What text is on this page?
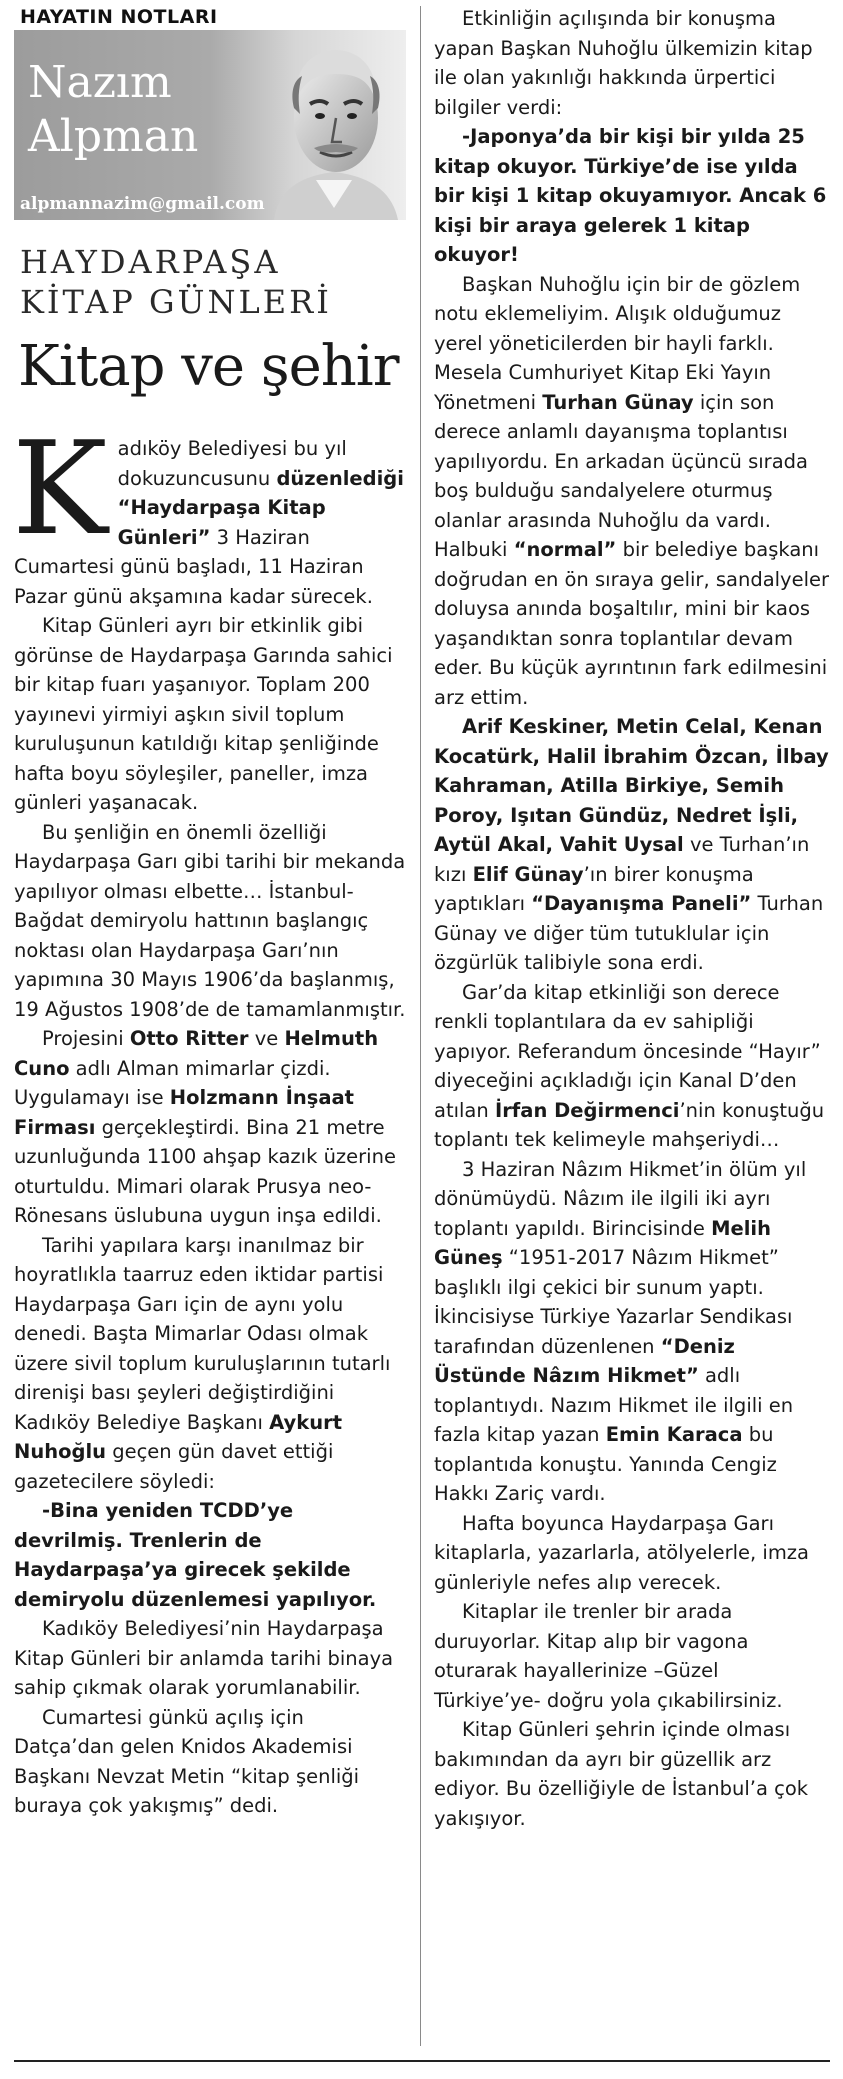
HAYATIN NOTLARI
Nazım
Alpman
alpmannazim@gmail.com
HAYDARPAŞA
KİTAP GÜNLERİ
Kitap ve şehir

Kadıköy Belediyesi bu yıl dokuzuncusunu düzenlediği “Haydarpaşa Kitap Günleri” 3 Haziran Cumartesi günü başladı, 11 Haziran Pazar günü akşamına kadar sürecek.

Kitap Günleri ayrı bir etkinlik gibi görünse de Haydarpaşa Garında sahici bir kitap fuarı yaşanıyor. Toplam 200 yayınevi yirmiyi aşkın sivil toplum kuruluşunun katıldığı kitap şenliğinde hafta boyu söyleşiler, paneller, imza günleri yaşanacak.

Bu şenliğin en önemli özelliği Haydarpaşa Garı gibi tarihi bir mekanda yapılıyor olması elbette… İstanbul-Bağdat demiryolu hattının başlangıç noktası olan Haydarpaşa Garı’nın yapımına 30 Mayıs 1906’da başlanmış, 19 Ağustos 1908’de de tamamlanmıştır.

Projesini Otto Ritter ve Helmuth Cuno adlı Alman mimarlar çizdi. Uygulamayı ise Holzmann İnşaat Firması gerçekleştirdi. Bina 21 metre uzunluğunda 1100 ahşap kazık üzerine oturtuldu. Mimari olarak Prusya neo-Rönesans üslubuna uygun inşa edildi.

Tarihi yapılara karşı inanılmaz bir hoyratlıkla taarruz eden iktidar partisi Haydarpaşa Garı için de aynı yolu denedi. Başta Mimarlar Odası olmak üzere sivil toplum kuruluşlarının tutarlı direnişi bası şeyleri değiştirdiğini Kadıköy Belediye Başkanı Aykurt Nuhoğlu geçen gün davet ettiği gazetecilere söyledi:

-Bina yeniden TCDD’ye devrilmiş. Trenlerin de Haydarpaşa’ya girecek şekilde demiryolu düzenlemesi yapılıyor.

Kadıköy Belediyesi’nin Haydarpaşa Kitap Günleri bir anlamda tarihi binaya sahip çıkmak olarak yorumlanabilir.

Cumartesi günkü açılış için Datça’dan gelen Knidos Akademisi Başkanı Nevzat Metin “kitap şenliği buraya çok yakışmış” dedi.

Etkinliğin açılışında bir konuşma yapan Başkan Nuhoğlu ülkemizin kitap ile olan yakınlığı hakkında ürpertici bilgiler verdi:

-Japonya’da bir kişi bir yılda 25 kitap okuyor. Türkiye’de ise yılda bir kişi 1 kitap okuyamıyor. Ancak 6 kişi bir araya gelerek 1 kitap okuyor!

Başkan Nuhoğlu için bir de gözlem notu eklemeliyim. Alışık olduğumuz yerel yöneticilerden bir hayli farklı. Mesela Cumhuriyet Kitap Eki Yayın Yönetmeni Turhan Günay için son derece anlamlı dayanışma toplantısı yapılıyordu. En arkadan üçüncü sırada boş bulduğu sandalyelere oturmuş olanlar arasında Nuhoğlu da vardı. Halbuki “normal” bir belediye başkanı doğrudan en ön sıraya gelir, sandalyeler doluysa anında boşaltılır, mini bir kaos yaşandıktan sonra toplantılar devam eder. Bu küçük ayrıntının fark edilmesini arz ettim.

Arif Keskiner, Metin Celal, Kenan Kocatürk, Halil İbrahim Özcan, İlbay Kahraman, Atilla Birkiye, Semih Poroy, Işıtan Gündüz, Nedret İşli, Aytül Akal, Vahit Uysal ve Turhan’ın kızı Elif Günay’ın birer konuşma yaptıkları “Dayanışma Paneli” Turhan Günay ve diğer tüm tutuklular için özgürlük talibiyle sona erdi.

Gar’da kitap etkinliği son derece renkli toplantılara da ev sahipliği yapıyor. Referandum öncesinde “Hayır” diyeceğini açıkladığı için Kanal D’den atılan İrfan Değirmenci’nin konuştuğu toplantı tek kelimeyle mahşeriydi…

3 Haziran Nâzım Hikmet’in ölüm yıl dönümüydü. Nâzım ile ilgili iki ayrı toplantı yapıldı. Birincisinde Melih Güneş “1951-2017 Nâzım Hikmet” başlıklı ilgi çekici bir sunum yaptı. İkincisiyse Türkiye Yazarlar Sendikası tarafından düzenlenen “Deniz Üstünde Nâzım Hikmet” adlı toplantıydı. Nazım Hikmet ile ilgili en fazla kitap yazan Emin Karaca bu toplantıda konuştu. Yanında Cengiz Hakkı Zariç vardı.

Hafta boyunca Haydarpaşa Garı kitaplarla, yazarlarla, atölyelerle, imza günleriyle nefes alıp verecek.

Kitaplar ile trenler bir arada duruyorlar. Kitap alıp bir vagona oturarak hayallerinize –Güzel Türkiye’ye- doğru yola çıkabilirsiniz.

Kitap Günleri şehrin içinde olması bakımından da ayrı bir güzellik arz ediyor. Bu özelliğiyle de İstanbul’a çok yakışıyor.
